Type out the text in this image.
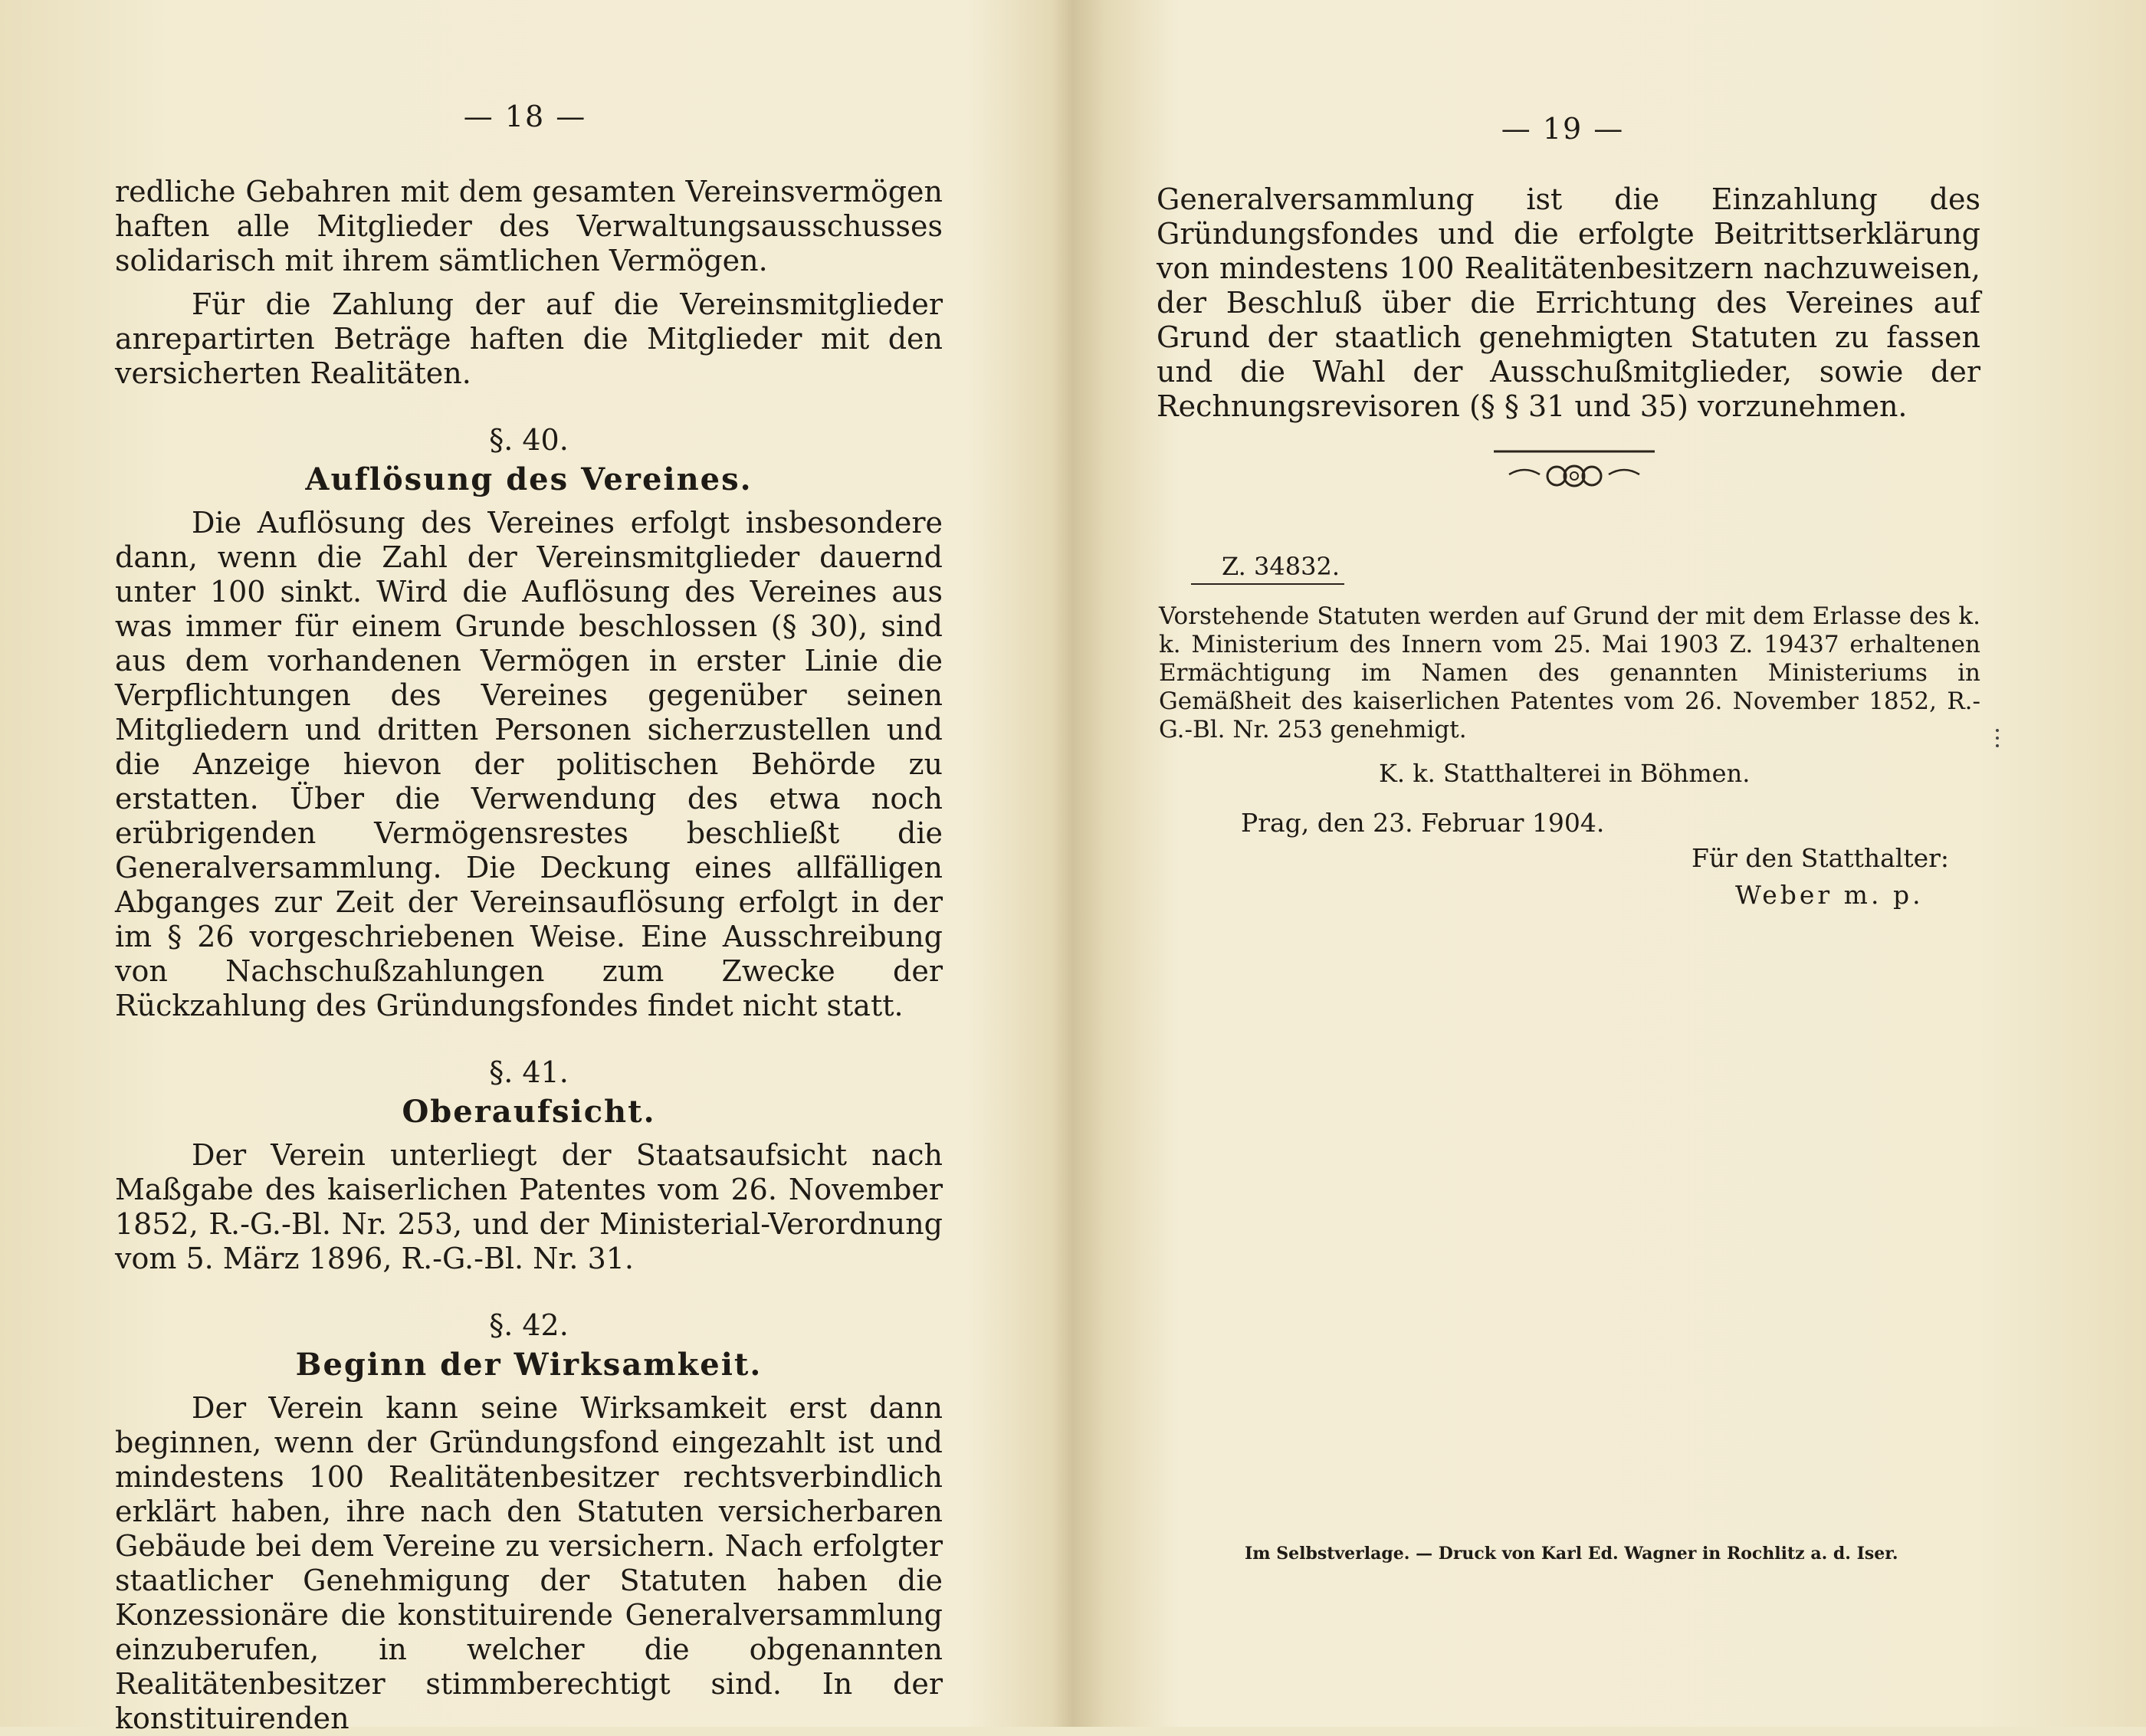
— 18 —

redliche Gebahren mit dem gesamten Vereinsvermögen haften alle Mitglieder des Verwaltungsausschusses solidarisch mit ihrem sämtlichen Vermögen.

Für die Zahlung der auf die Vereinsmitglieder anrepartirten Beträge haften die Mitglieder mit den versicherten Realitäten.

§. 40.
Auflösung des Vereines.

Die Auflösung des Vereines erfolgt insbesondere dann, wenn die Zahl der Vereinsmitglieder dauernd unter 100 sinkt. Wird die Auflösung des Vereines aus was immer für einem Grunde beschlossen (§ 30), sind aus dem vorhandenen Vermögen in erster Linie die Verpflichtungen des Vereines gegenüber seinen Mitgliedern und dritten Personen sicherzustellen und die Anzeige hievon der politischen Behörde zu erstatten. Über die Verwendung des etwa noch erübrigenden Vermögensrestes beschließt die Generalversammlung. Die Deckung eines allfälligen Abganges zur Zeit der Vereinsauflösung erfolgt in der im § 26 vorgeschriebenen Weise. Eine Ausschreibung von Nachschußzahlungen zum Zwecke der Rückzahlung des Gründungsfondes findet nicht statt.

§. 41.
Oberaufsicht.

Der Verein unterliegt der Staatsaufsicht nach Maßgabe des kaiserlichen Patentes vom 26. November 1852, R.-G.-Bl. Nr. 253, und der Ministerial-Verordnung vom 5. März 1896, R.-G.-Bl. Nr. 31.

§. 42.
Beginn der Wirksamkeit.

Der Verein kann seine Wirksamkeit erst dann beginnen, wenn der Gründungsfond eingezahlt ist und mindestens 100 Realitätenbesitzer rechtsverbindlich erklärt haben, ihre nach den Statuten versicherbaren Gebäude bei dem Vereine zu versichern. Nach erfolgter staatlicher Genehmigung der Statuten haben die Konzessionäre die konstituirende Generalversammlung einzuberufen, in welcher die obgenannten Realitätenbesitzer stimmberechtigt sind. In der konstituirenden

— 19 —

Generalversammlung ist die Einzahlung des Gründungsfondes und die erfolgte Beitrittserklärung von mindestens 100 Realitätenbesitzern nachzuweisen, der Beschluß über die Errichtung des Vereines auf Grund der staatlich genehmigten Statuten zu fassen und die Wahl der Ausschußmitglieder, sowie der Rechnungsrevisoren (§ § 31 und 35) vorzunehmen.

Z. 34832.

Vorstehende Statuten werden auf Grund der mit dem Erlasse des k. k. Ministerium des Innern vom 25. Mai 1903 Z. 19437 erhaltenen Ermächtigung im Namen des genannten Ministeriums in Gemäßheit des kaiserlichen Patentes vom 26. November 1852, R.-G.-Bl. Nr. 253 genehmigt.

K. k. Statthalterei in Böhmen.
Prag, den 23. Februar 1904.
Für den Statthalter:
Weber m. p.
Im Selbstverlage. — Druck von Karl Ed. Wagner in Rochlitz a. d. Iser.
